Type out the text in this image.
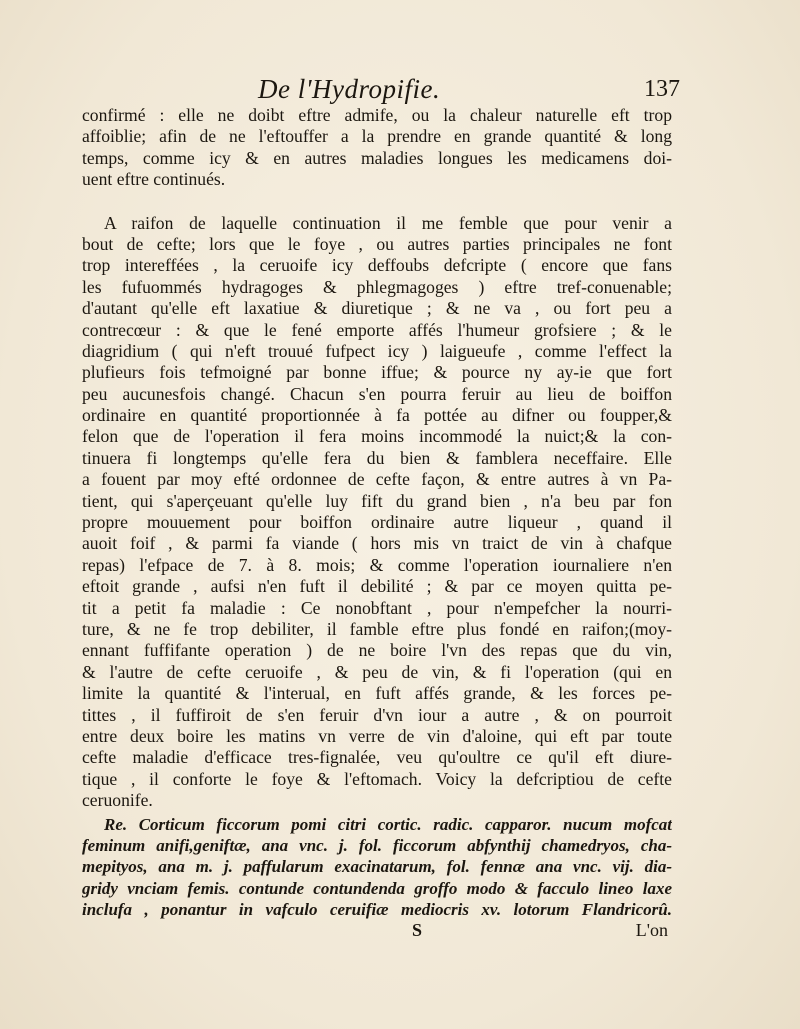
De l'Hydropifie.	137
confirmé : elle ne doibt eftre admife, ou la chaleur naturelle eft trop
affoiblie; afin de ne l'eftouffer a la prendre en grande quantité & long
temps, comme icy & en autres maladies longues les medicamens doi-
uent eftre continués.
A raifon de laquelle continuation il me femble que pour venir a
bout de cefte; lors que le foye , ou autres parties principales ne font
trop intereffées , la ceruoife icy deffoubs defcripte ( encore que fans
les fufuommés hydragoges & phlegmagoges ) eftre tref-conuenable;
d'autant qu'elle eft laxatiue & diuretique ; & ne va , ou fort peu a
contrecœur : & que le fené emporte affés l'humeur grofsiere ; & le
diagridium ( qui n'eft trouué fufpect icy ) laigueufe , comme l'effect la
plufieurs fois tefmoigné par bonne iffue; & pource ny ay-ie que fort
peu aucunesfois changé. Chacun s'en pourra feruir au lieu de boiffon
ordinaire en quantité proportionnée à fa pottée au difner ou foupper,&
felon que de l'operation il fera moins incommodé la nuict;& la con-
tinuera fi longtemps qu'elle fera du bien & famblera neceffaire. Elle
a fouent par moy efté ordonnee de cefte façon, & entre autres à vn Pa-
tient, qui s'aperçeuant qu'elle luy fift du grand bien , n'a beu par fon
propre mouuement pour boiffon ordinaire autre liqueur , quand il
auoit foif , & parmi fa viande ( hors mis vn traict de vin à chafque
repas) l'efpace de 7. à 8. mois; & comme l'operation iournaliere n'en
eftoit grande , aufsi n'en fuft il debilité ; & par ce moyen quitta pe-
tit a petit fa maladie : Ce nonobftant , pour n'empefcher la nourri-
ture, & ne fe trop debiliter, il famble eftre plus fondé en raifon;(moy-
ennant fuffifante operation ) de ne boire l'vn des repas que du vin,
& l'autre de cefte ceruoife , & peu de vin, & fi l'operation (qui en
limite la quantité & l'interual, en fuft affés grande, & les forces pe-
tittes , il fuffiroit de s'en feruir d'vn iour a autre , & on pourroit
entre deux boire les matins vn verre de vin d'aloine, qui eft par toute
cefte maladie d'efficace tres-fignalée, veu qu'oultre ce qu'il eft diure-
tique , il conforte le foye & l'eftomach. Voicy la defcriptiou de cefte
ceruonife.
Re. Corticum ficcorum pomi citri cortic. radic. capparor. nucum mofcat
feminum anifi,geniftæ, ana vnc. j. fol. ficcorum abfynthij chamedryos, cha-
mepityos, ana m. j. paffularum exacinatarum, fol. fennæ ana vnc. vij. dia-
gridy vnciam femis. contunde contundenda groffo modo & facculo lineo laxe
inclufa , ponantur in vafculo ceruifiæ mediocris xv. lotorum Flandricorû.
S	L'on
